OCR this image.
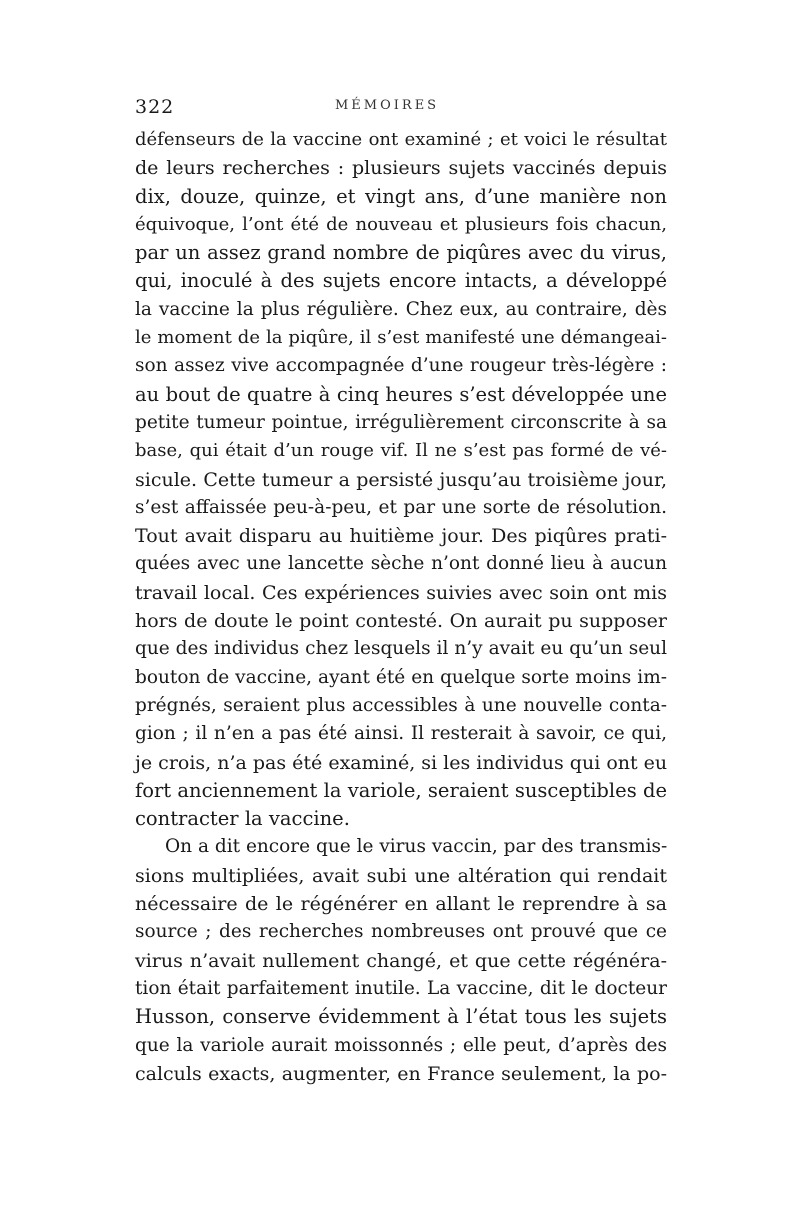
322	MÉMOIRES
défenseurs de la vaccine ont examiné ; et voici le résultat
de leurs recherches : plusieurs sujets vaccinés depuis
dix, douze, quinze, et vingt ans, d’une manière non
équivoque, l’ont été de nouveau et plusieurs fois chacun,
par un assez grand nombre de piqûres avec du virus,
qui, inoculé à des sujets encore intacts, a développé
la vaccine la plus régulière. Chez eux, au contraire, dès
le moment de la piqûre, il s’est manifesté une démangeai-
son assez vive accompagnée d’une rougeur très-légère :
au bout de quatre à cinq heures s’est développée une
petite tumeur pointue, irrégulièrement circonscrite à sa
base, qui était d’un rouge vif. Il ne s’est pas formé de vé-
sicule. Cette tumeur a persisté jusqu’au troisième jour,
s’est affaissée peu-à-peu, et par une sorte de résolution.
Tout avait disparu au huitième jour. Des piqûres prati-
quées avec une lancette sèche n’ont donné lieu à aucun
travail local. Ces expériences suivies avec soin ont mis
hors de doute le point contesté. On aurait pu supposer
que des individus chez lesquels il n’y avait eu qu’un seul
bouton de vaccine, ayant été en quelque sorte moins im-
prégnés, seraient plus accessibles à une nouvelle conta-
gion ; il n’en a pas été ainsi. Il resterait à savoir, ce qui,
je crois, n’a pas été examiné, si les individus qui ont eu
fort anciennement la variole, seraient susceptibles de
contracter la vaccine.
On a dit encore que le virus vaccin, par des transmis-
sions multipliées, avait subi une altération qui rendait
nécessaire de le régénérer en allant le reprendre à sa
source ; des recherches nombreuses ont prouvé que ce
virus n’avait nullement changé, et que cette régénéra-
tion était parfaitement inutile. La vaccine, dit le docteur
Husson, conserve évidemment à l’état tous les sujets
que la variole aurait moissonnés ; elle peut, d’après des
calculs exacts, augmenter, en France seulement, la po-
